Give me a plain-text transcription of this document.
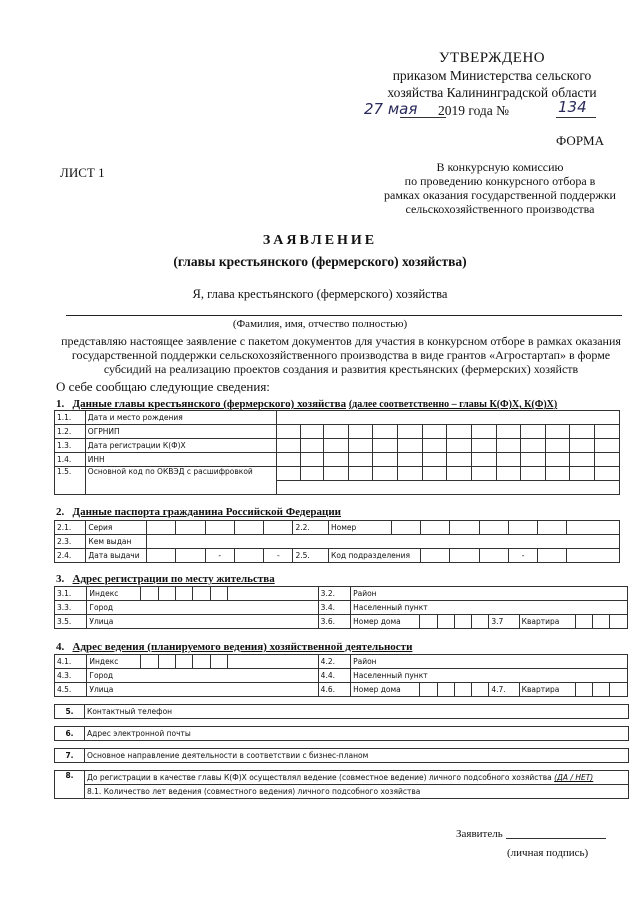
УТВЕРЖДЕНО
приказом Министерства сельского
хозяйства Калининградской области
27 мая 2019 года №	134
ФОРМА
ЛИСТ 1	В конкурсную комиссию
по проведению конкурсного отбора в
рамках оказания государственной поддержки
сельскохозяйственного производства
ЗАЯВЛЕНИЕ
(главы крестьянского (фермерского) хозяйства)
Я, глава крестьянского (фермерского) хозяйства
(Фамилия, имя, отчество полностью)
представляю настоящее заявление с пакетом документов для участия в конкурсном отборе в рамках оказания государственной поддержки сельскохозяйственного производства в виде грантов «Агростартап» в форме субсидий на реализацию проектов создания и развития крестьянских (фермерских) хозяйств
О себе сообщаю следующие сведения:
1. Данные главы крестьянского (фермерского) хозяйства (далее соответственно – главы К(Ф)Х, К(Ф)Х)
1.1.	Дата и место рождения														
1.2.	ОГРНИП														
1.3.	Дата регистрации К(Ф)Х														
1.4.	ИНН														
1.5.	Основной код по ОКВЭД с расшифровкой														

2. Данные паспорта гражданина Российской Федерации
2.1.	Серия						2.2.	Номер							
2.3.	Кем выдан														
2.4.	Дата выдачи			-		-	2.5.	Код подразделения					-		
3. Адрес регистрации по месту жительства
3.1.	Индекс							3.2.	Район									
3.3.	Город							3.4.	Населенный пункт									
3.5.	Улица							3.6.	Номер дома					3.7	Квартира			
4. Адрес ведения (планируемого ведения) хозяйственной деятельности
4.1.	Индекс							4.2.	Район									
4.3.	Город							4.4.	Населенный пункт									
4.5.	Улица							4.6.	Номер дома					4.7.	Квартира			
5.	Контактный телефон
6.	Адрес электронной почты
7.	Основное направление деятельности в соответствии с бизнес-планом
8.	До регистрации в качестве главы К(Ф)Х осуществлял ведение (совместное ведение) личного подсобного хозяйства (ДА / НЕТ)
8.1. Количество лет ведения (совместного ведения) личного подсобного хозяйства
Заявитель
(личная подпись)
